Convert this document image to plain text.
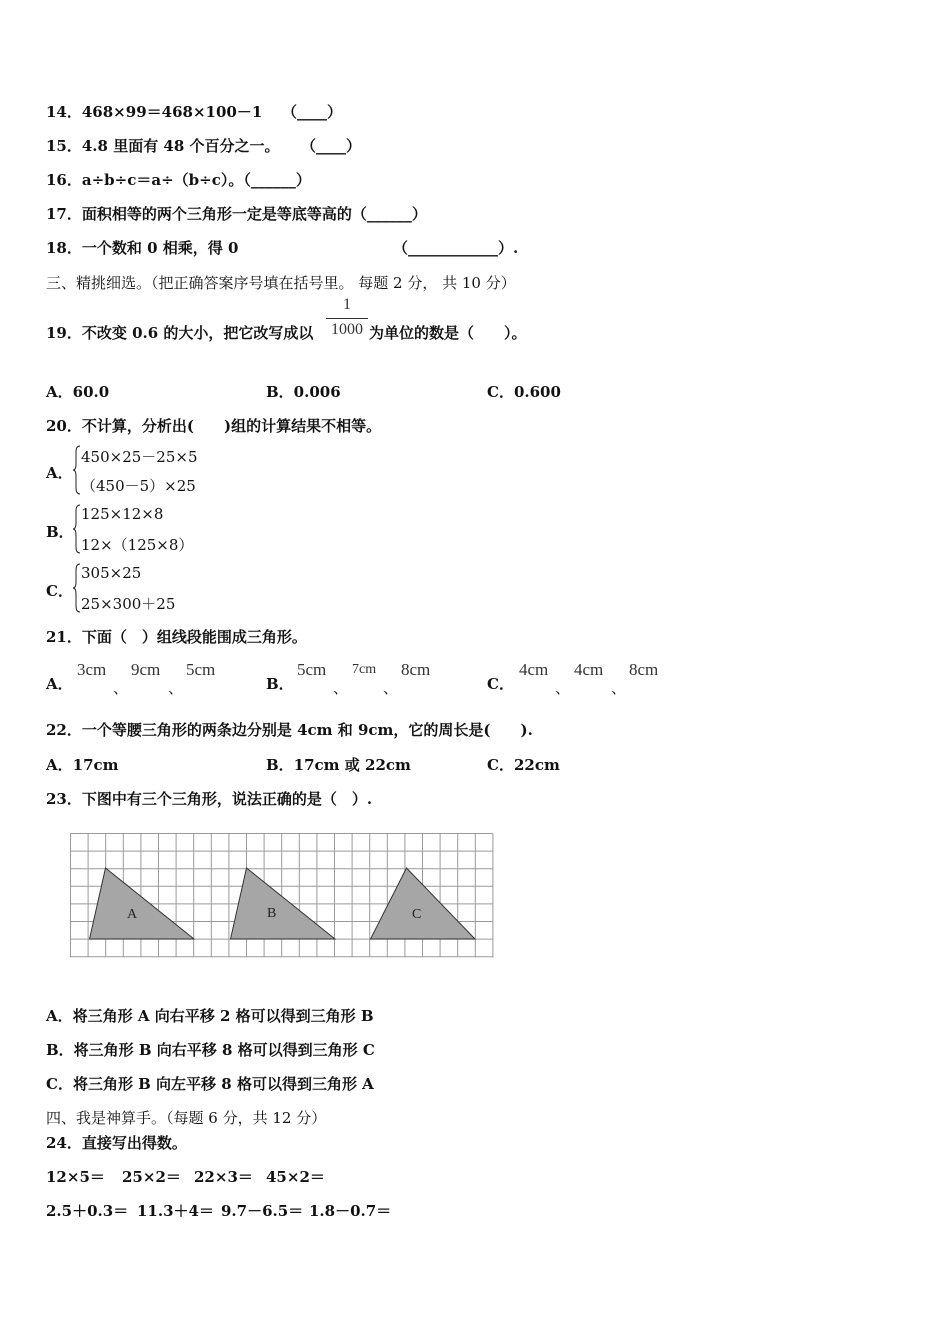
14．468×99＝468×100－1 （____）
15．4.8 里面有 48 个百分之一。 （____）
16．a÷b÷c＝a÷（b÷c）。（______）
17．面积相等的两个三角形一定是等底等高的（______）
18．一个数和 0 相乘，得 0	（____________）.
三、精挑细选。（把正确答案序号填在括号里。 每题 2 分， 共 10 分）
19．不改变 0.6 的大小，把它改写成以
1
1000 为单位的数是（　　）。
A．60.0	B．0.006	C．0.600
20．不计算，分析出(　　)组的计算结果不相等。
A．
450×25－25×5
（450－5）×25
B．
125×12×8
12×（125×8）
C．
305×25
25×300＋25
21．下面（　）组线段能围成三角形。
A．
3cm
、
9cm
、
5cm
B．
5cm
、
7cm
、
8cm
C．
4cm
、
4cm
、
8cm
22．一个等腰三角形的两条边分别是 4cm 和 9cm，它的周长是(　　).
A．17cm	B．17cm 或 22cm	C．22cm
23．下图中有三个三角形，说法正确的是（　）.
A	B	C
A．将三角形 A 向右平移 2 格可以得到三角形 B
B．将三角形 B 向右平移 8 格可以得到三角形 C
C．将三角形 B 向左平移 8 格可以得到三角形 A
四、我是神算手。（每题 6 分，共 12 分）
24．直接写出得数。
12×5＝ 25×2＝ 22×3＝ 45×2＝
2.5＋0.3＝ 11.3＋4＝ 9.7－6.5＝ 1.8－0.7＝
